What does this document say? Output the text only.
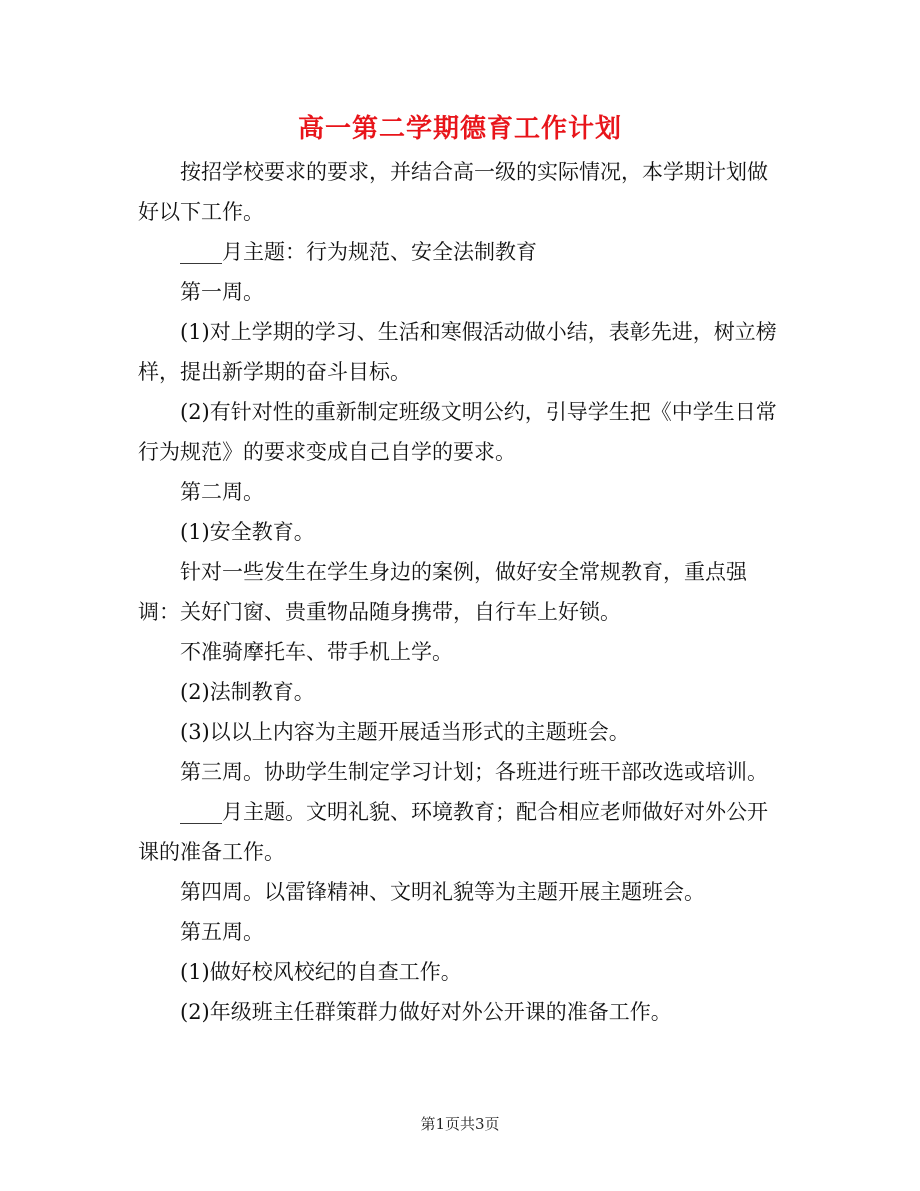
高一第二学期德育工作计划

按招学校要求的要求，并结合高一级的实际情况，本学期计划做好以下工作。

____月主题：行为规范、安全法制教育

第一周。

(1)对上学期的学习、生活和寒假活动做小结，表彰先进，树立榜样，提出新学期的奋斗目标。

(2)有针对性的重新制定班级文明公约，引导学生把《中学生日常行为规范》的要求变成自己自学的要求。

第二周。

(1)安全教育。

针对一些发生在学生身边的案例，做好安全常规教育，重点强调：关好门窗、贵重物品随身携带，自行车上好锁。

不准骑摩托车、带手机上学。

(2)法制教育。

(3)以以上内容为主题开展适当形式的主题班会。

第三周。协助学生制定学习计划；各班进行班干部改选或培训。

____月主题。文明礼貌、环境教育；配合相应老师做好对外公开课的准备工作。

第四周。以雷锋精神、文明礼貌等为主题开展主题班会。

第五周。

(1)做好校风校纪的自查工作。

(2)年级班主任群策群力做好对外公开课的准备工作。

第1页共3页
